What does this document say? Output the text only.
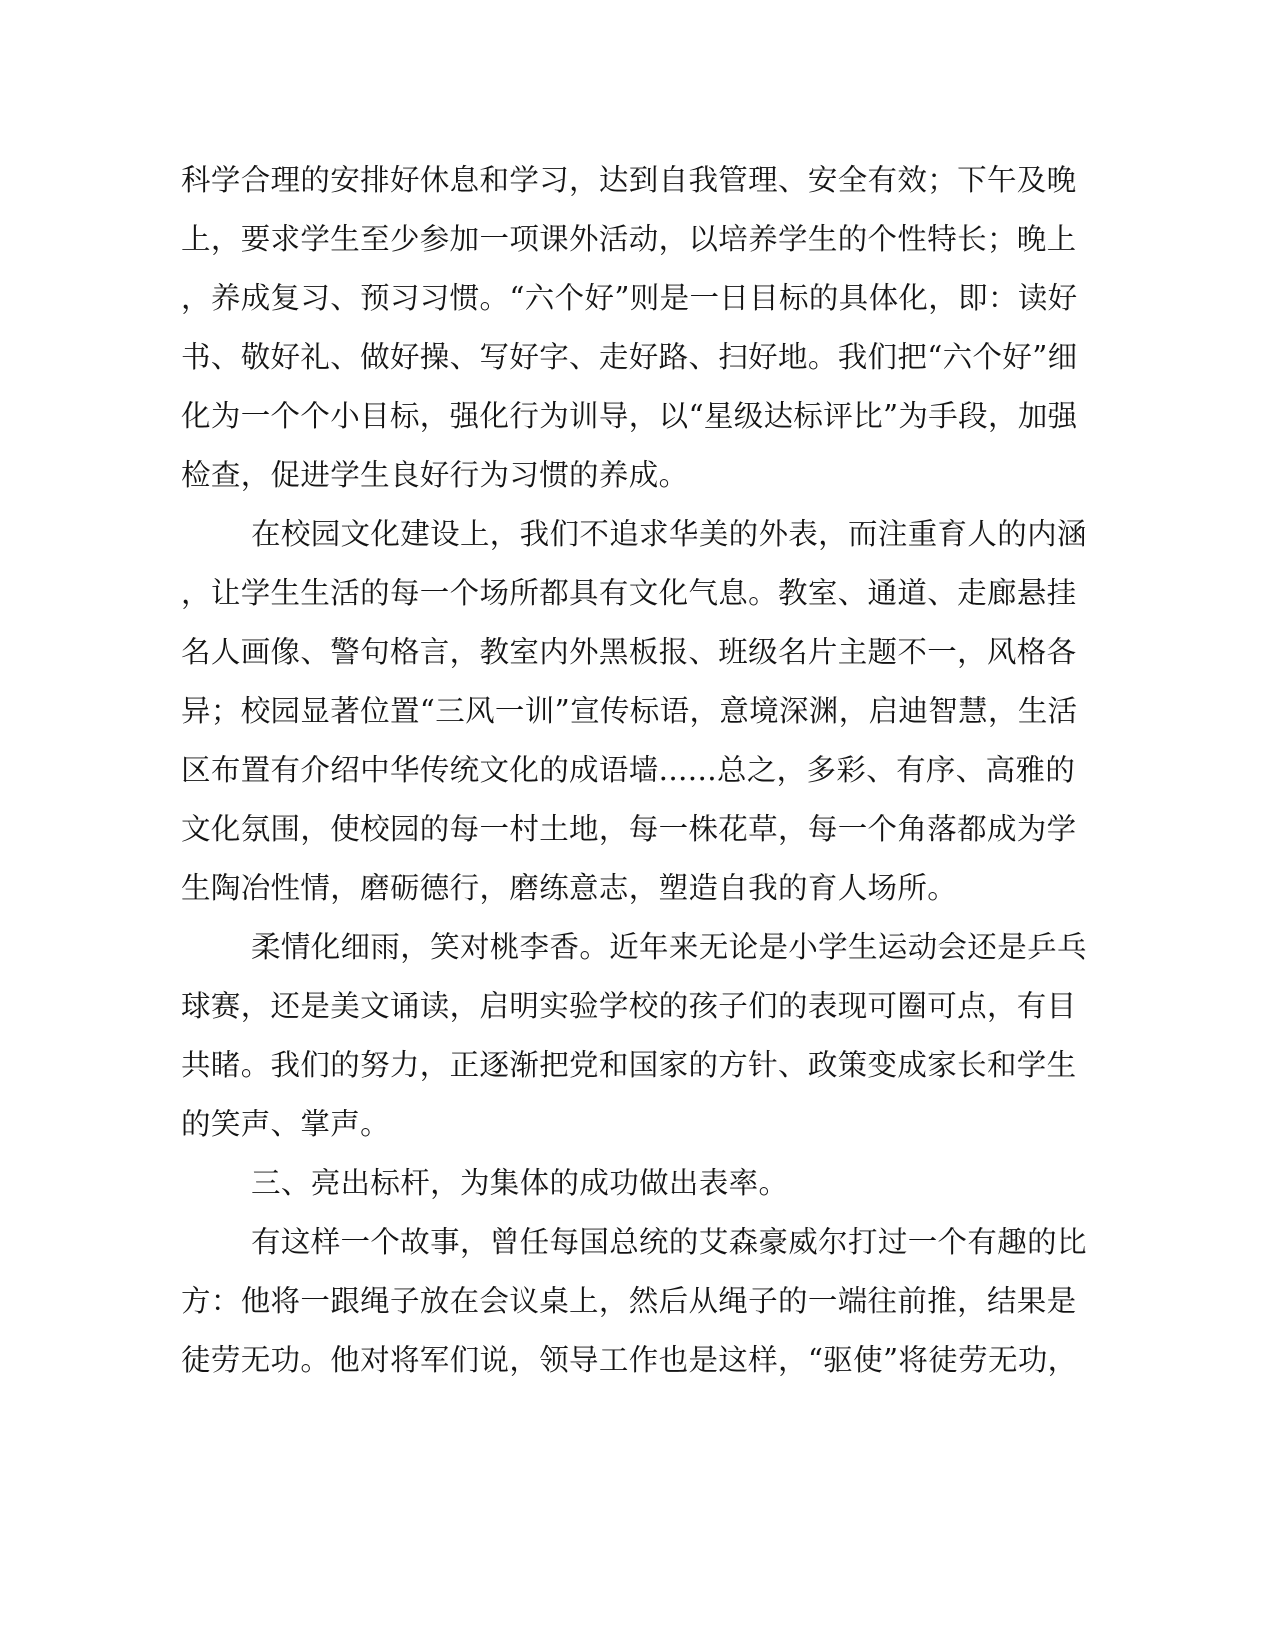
科学合理的安排好休息和学习，达到自我管理、安全有效；下午及晚
上，要求学生至少参加一项课外活动，以培养学生的个性特长；晚上
，养成复习、预习习惯。“六个好”则是一日目标的具体化，即：读好
书、敬好礼、做好操、写好字、走好路、扫好地。我们把“六个好”细
化为一个个小目标，强化行为训导，以“星级达标评比”为手段，加强
检查，促进学生良好行为习惯的养成。
在校园文化建设上，我们不追求华美的外表，而注重育人的内涵
，让学生生活的每一个场所都具有文化气息。教室、通道、走廊悬挂
名人画像、警句格言，教室内外黑板报、班级名片主题不一，风格各
异；校园显著位置“三风一训”宣传标语，意境深渊，启迪智慧，生活
区布置有介绍中华传统文化的成语墙......总之，多彩、有序、高雅的
文化氛围，使校园的每一村土地，每一株花草，每一个角落都成为学
生陶冶性情，磨砺德行，磨练意志，塑造自我的育人场所。
柔情化细雨，笑对桃李香。近年来无论是小学生运动会还是乒乓
球赛，还是美文诵读，启明实验学校的孩子们的表现可圈可点，有目
共睹。我们的努力，正逐渐把党和国家的方针、政策变成家长和学生
的笑声、掌声。
三、亮出标杆，为集体的成功做出表率。
有这样一个故事，曾任每国总统的艾森豪威尔打过一个有趣的比
方：他将一跟绳子放在会议桌上，然后从绳子的一端往前推，结果是
徒劳无功。他对将军们说，领导工作也是这样，“驱使”将徒劳无功，
